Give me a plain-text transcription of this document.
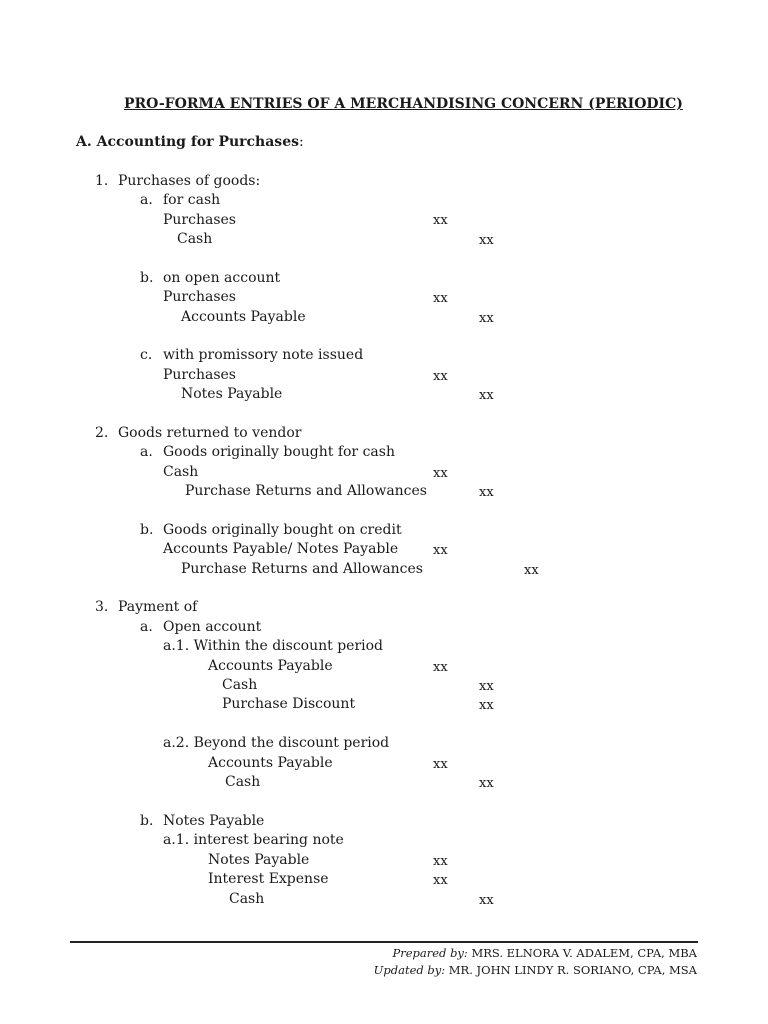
PRO-FORMA ENTRIES OF A MERCHANDISING CONCERN (PERIODIC)
A. Accounting for Purchases:
1. Purchases of goods:
a. for cash
Purchases	xx
Cash	xx
b. on open account
Purchases	xx
Accounts Payable	xx
c. with promissory note issued
Purchases	xx
Notes Payable	xx
2. Goods returned to vendor
a. Goods originally bought for cash
Cash	xx
Purchase Returns and Allowances	xx
b. Goods originally bought on credit
Accounts Payable/ Notes Payable	xx
Purchase Returns and Allowances	xx
3. Payment of
a. Open account
a.1. Within the discount period
Accounts Payable	xx
Cash	xx
Purchase Discount	xx
a.2. Beyond the discount period
Accounts Payable	xx
Cash	xx
b. Notes Payable
a.1. interest bearing note
Notes Payable	xx
Interest Expense	xx
Cash	xx
Prepared by: MRS. ELNORA V. ADALEM, CPA, MBA
Updated by: MR. JOHN LINDY R. SORIANO, CPA, MSA
